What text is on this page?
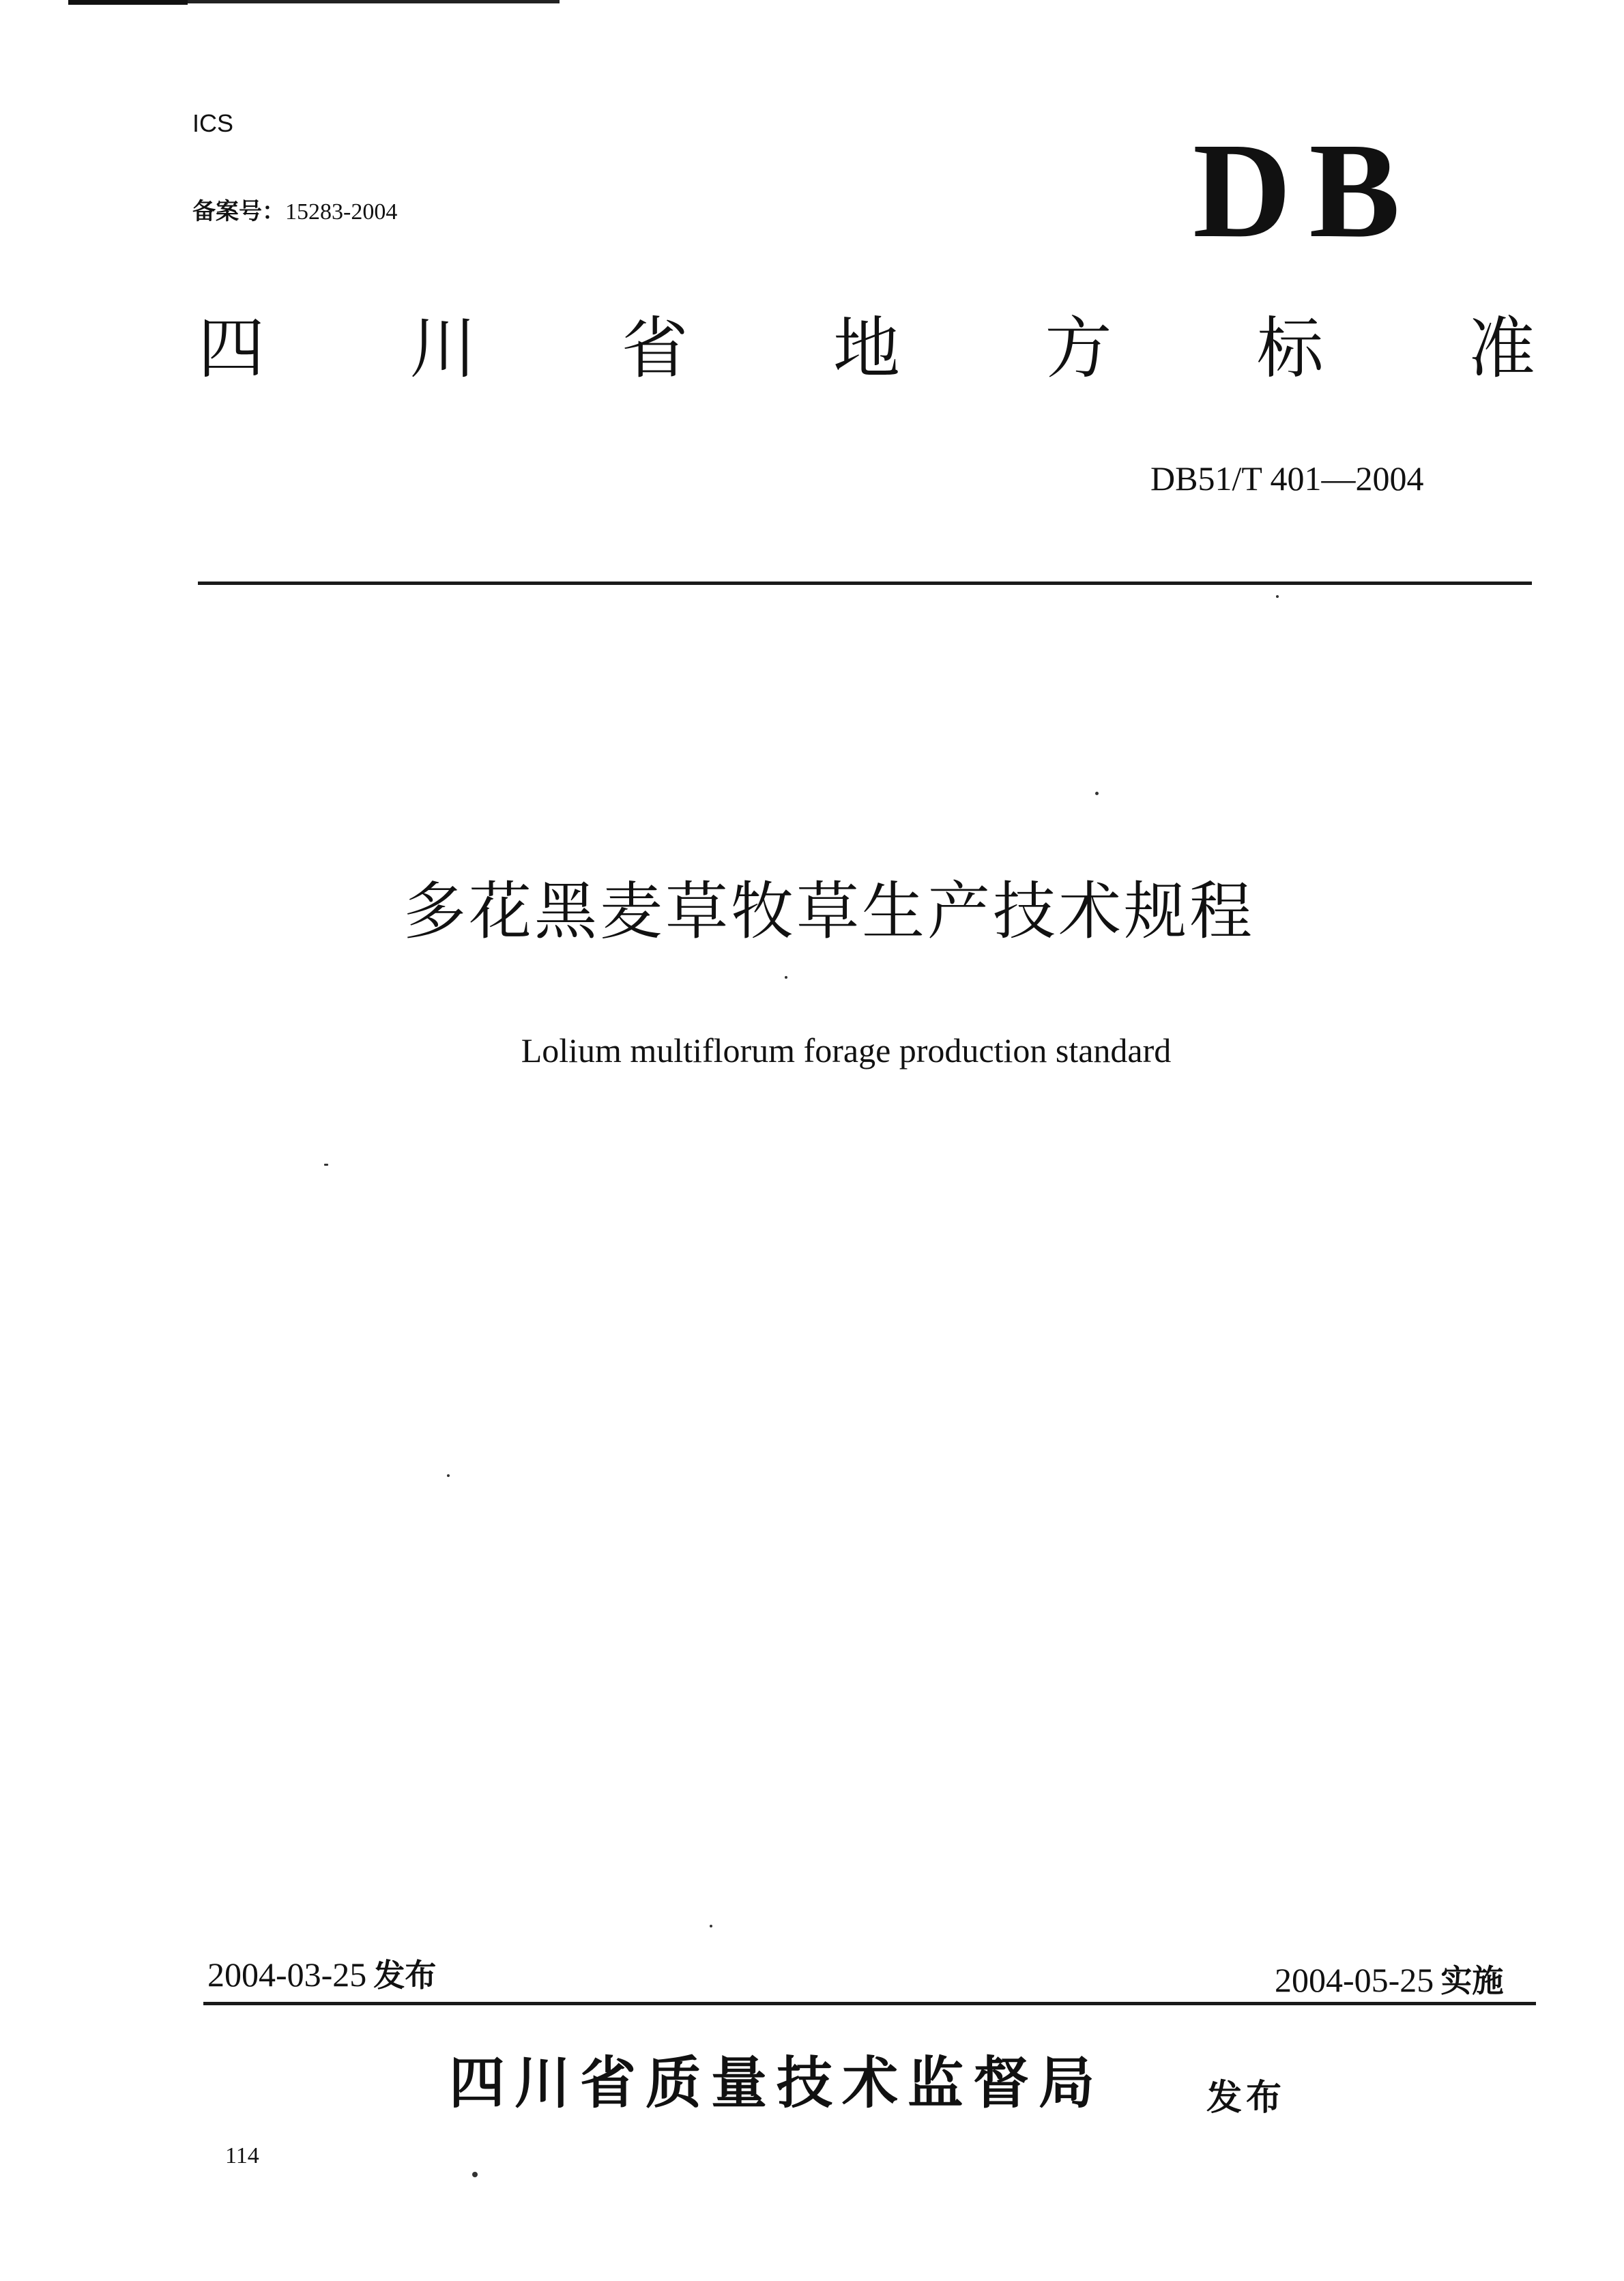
ICS
备案号：15283-2004	DB
四 川 省 地 方 标 准
DB51/T 401—2004
多花黑麦草牧草生产技术规程
Lolium multiflorum forage production standard
2004-03-25 发布	2004-05-25 实施
四川省质量技术监督局	发布
114
